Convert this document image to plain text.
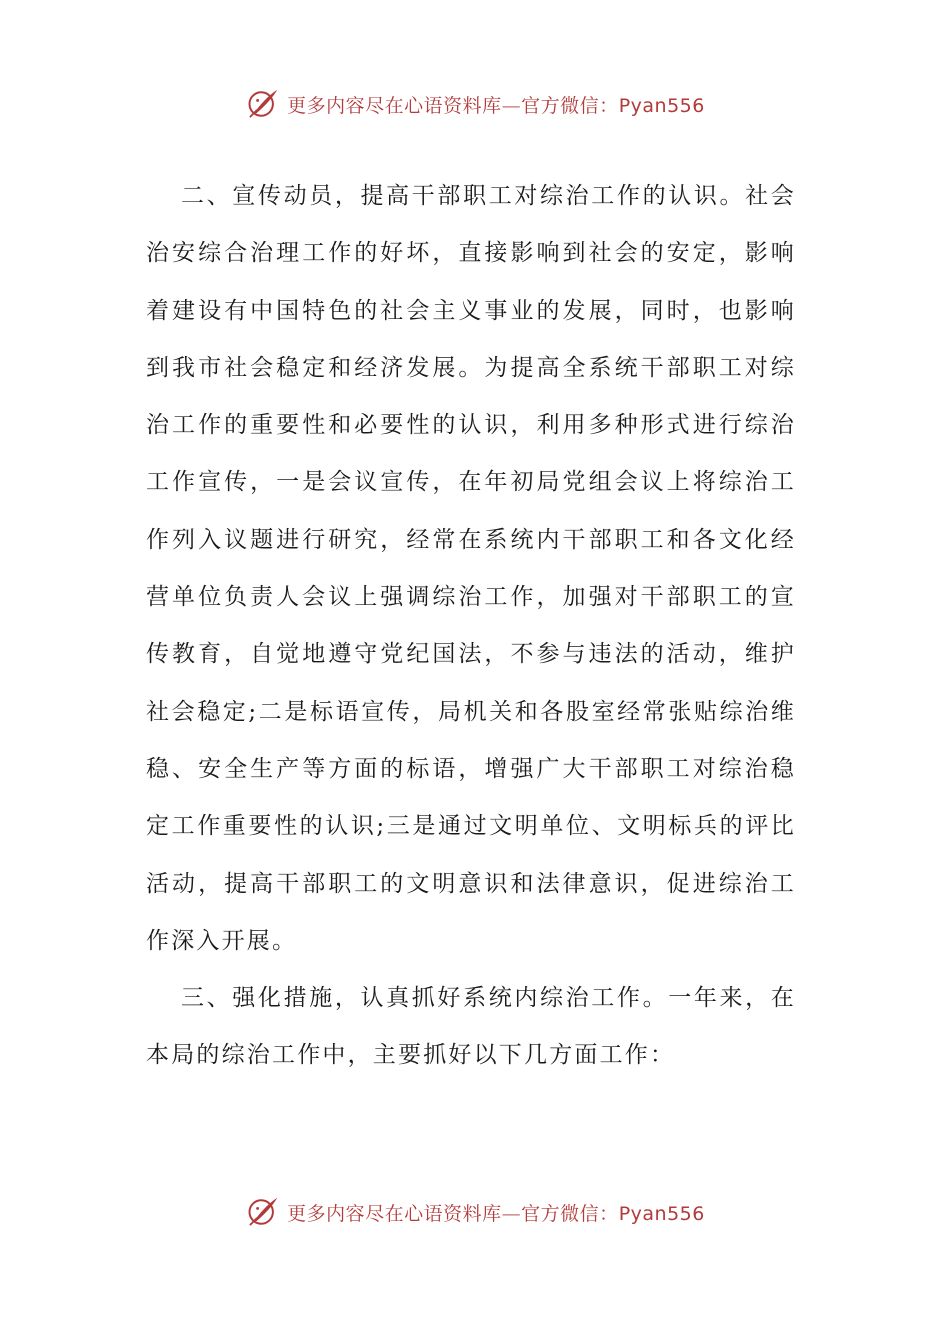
更多内容尽在心语资料库—官方微信：Pyan556

二、宣传动员，提高干部职工对综治工作的认识。社会治安综合治理工作的好坏，直接影响到社会的安定，影响着建设有中国特色的社会主义事业的发展，同时，也影响到我市社会稳定和经济发展。为提高全系统干部职工对综治工作的重要性和必要性的认识，利用多种形式进行综治工作宣传，一是会议宣传，在年初局党组会议上将综治工作列入议题进行研究，经常在系统内干部职工和各文化经营单位负责人会议上强调综治工作，加强对干部职工的宣传教育，自觉地遵守党纪国法，不参与违法的活动，维护社会稳定;二是标语宣传，局机关和各股室经常张贴综治维稳、安全生产等方面的标语，增强广大干部职工对综治稳定工作重要性的认识;三是通过文明单位、文明标兵的评比活动，提高干部职工的文明意识和法律意识，促进综治工作深入开展。

三、强化措施，认真抓好系统内综治工作。一年来，在本局的综治工作中，主要抓好以下几方面工作：

更多内容尽在心语资料库—官方微信：Pyan556
